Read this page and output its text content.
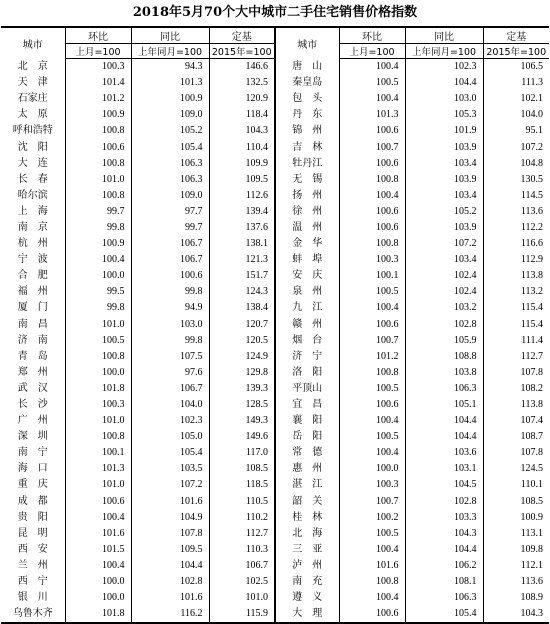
2018年5月70个大中城市二手住宅销售价格指数
城市	环比	同比	定基	城市	环比	同比	定基
	上月=100	上年同月=100	2015年=100		上月=100	上年同月=100	2015年=100
北　京	100.3	94.3	146.6	唐　山	100.4	102.3	106.5
天　津	101.4	101.3	132.5	秦皇岛	100.5	104.4	111.3
石家庄	101.2	100.9	120.9	包　头	100.4	103.0	102.1
太　原	100.9	109.0	118.4	丹　东	101.3	105.3	104.0
呼和浩特	100.8	105.2	104.3	锦　州	100.6	101.9	95.1
沈　阳	100.6	105.4	110.4	吉　林	100.7	103.9	107.2
大　连	100.8	106.3	109.9	牡丹江	100.6	103.4	104.8
长　春	101.0	106.3	109.5	无　锡	100.8	103.9	130.5
哈尔滨	100.8	109.0	112.6	扬　州	100.4	103.4	114.5
上　海	99.7	97.7	139.4	徐　州	100.6	105.2	113.6
南　京	99.8	99.7	137.6	温　州	100.6	103.9	112.2
杭　州	100.9	106.7	138.1	金　华	100.8	107.2	116.6
宁　波	100.4	106.7	121.3	蚌　埠	100.3	103.4	112.9
合　肥	100.0	100.6	151.7	安　庆	100.1	102.4	113.8
福　州	99.5	99.8	124.3	泉　州	100.5	102.4	113.2
厦　门	99.8	94.9	138.4	九　江	100.4	103.2	115.4
南　昌	101.0	103.0	120.7	赣　州	100.6	102.8	115.4
济　南	100.5	99.8	120.5	烟　台	100.7	105.9	111.4
青　岛	100.8	107.5	124.9	济　宁	101.2	108.8	112.7
郑　州	100.0	97.6	129.8	洛　阳	100.8	103.8	107.8
武　汉	101.8	106.7	139.3	平顶山	100.5	106.3	108.2
长　沙	100.3	104.0	128.5	宜　昌	100.6	105.1	113.8
广　州	101.0	102.3	149.3	襄　阳	100.4	104.4	107.4
深　圳	100.8	105.0	149.6	岳　阳	100.5	104.4	108.7
南　宁	100.1	105.4	117.0	常　德	100.4	103.6	107.8
海　口	101.3	103.5	108.5	惠　州	100.0	103.1	124.5
重　庆	101.0	107.2	118.5	湛　江	100.3	104.5	110.1
成　都	100.6	101.6	110.5	韶　关	100.7	102.8	108.5
贵　阳	100.4	104.9	110.2	桂　林	100.2	103.3	100.9
昆　明	101.6	107.8	112.7	北　海	100.5	104.3	113.1
西　安	101.5	109.5	110.3	三　亚	100.4	104.4	109.8
兰　州	100.4	104.4	106.7	泸　州	101.6	106.2	112.1
西　宁	100.0	102.8	102.5	南　充	100.8	108.1	113.6
银　川	100.0	101.6	101.0	遵　义	100.4	106.3	108.9
乌鲁木齐	101.8	116.2	115.9	大　理	100.6	105.4	104.3
